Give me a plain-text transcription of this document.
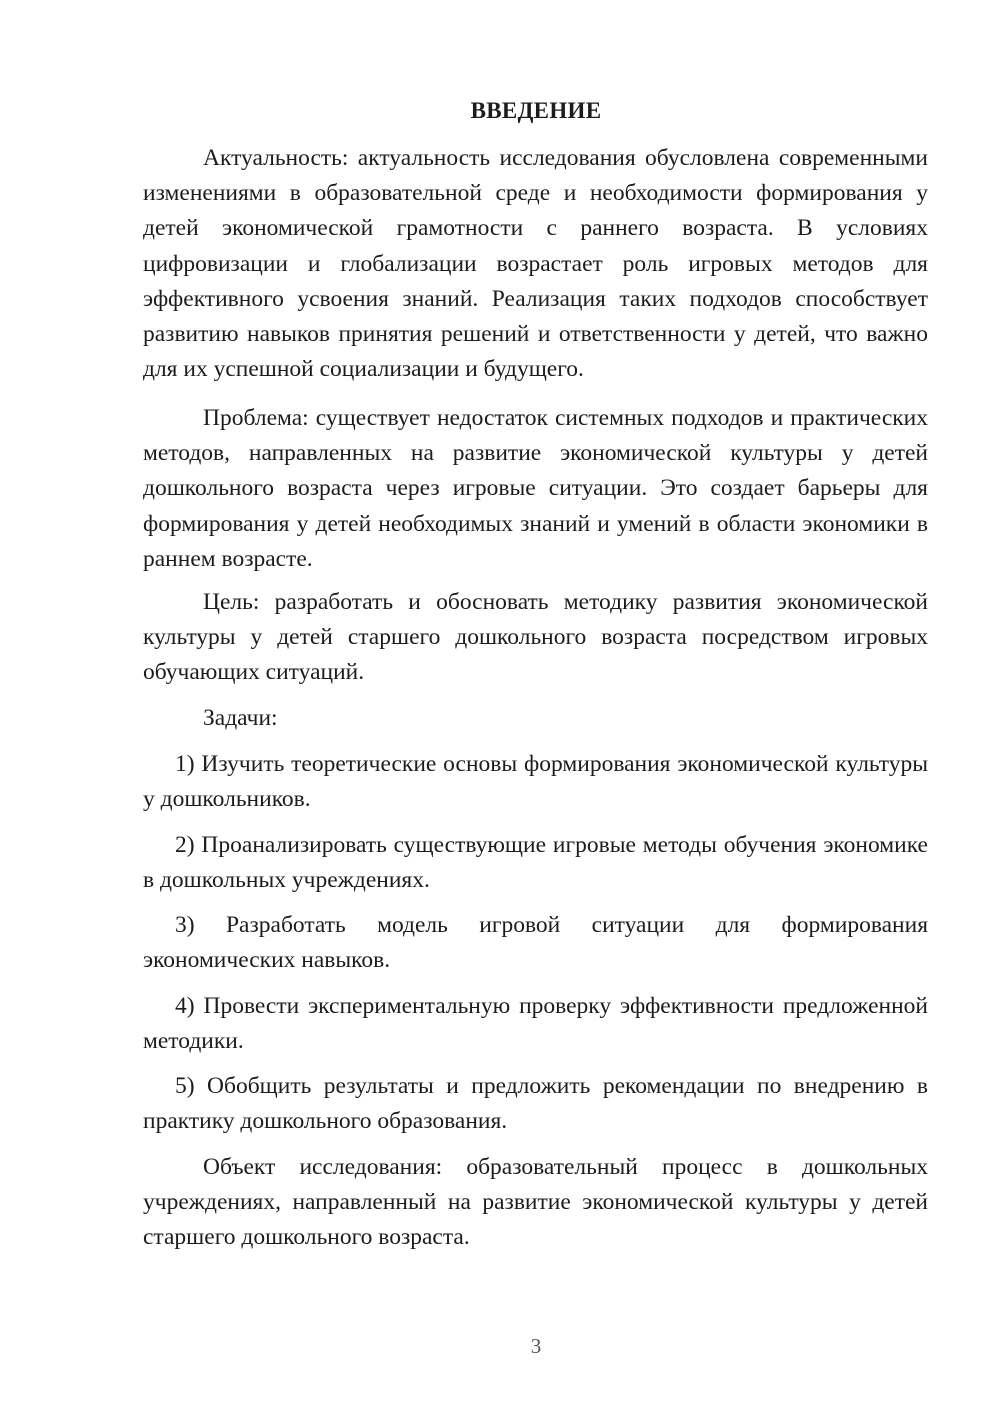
ВВЕДЕНИЕ

Актуальность: актуальность исследования обусловлена современными изменениями в образовательной среде и необходимости формирования у детей экономической грамотности с раннего возраста. В условиях цифровизации и глобализации возрастает роль игровых методов для эффективного усвоения знаний. Реализация таких подходов способствует развитию навыков принятия решений и ответственности у детей, что важно для их успешной социализации и будущего.

Проблема: существует недостаток системных подходов и практических методов, направленных на развитие экономической культуры у детей дошкольного возраста через игровые ситуации. Это создает барьеры для формирования у детей необходимых знаний и умений в области экономики в раннем возрасте.

Цель: разработать и обосновать методику развития экономической культуры у детей старшего дошкольного возраста посредством игровых обучающих ситуаций.

Задачи:

1) Изучить теоретические основы формирования экономической культуры у дошкольников.

2) Проанализировать существующие игровые методы обучения экономике в дошкольных учреждениях.

3) Разработать модель игровой ситуации для формирования экономических навыков.

4) Провести экспериментальную проверку эффективности предложенной методики.

5) Обобщить результаты и предложить рекомендации по внедрению в практику дошкольного образования.

Объект исследования: образовательный процесс в дошкольных учреждениях, направленный на развитие экономической культуры у детей старшего дошкольного возраста.

3
